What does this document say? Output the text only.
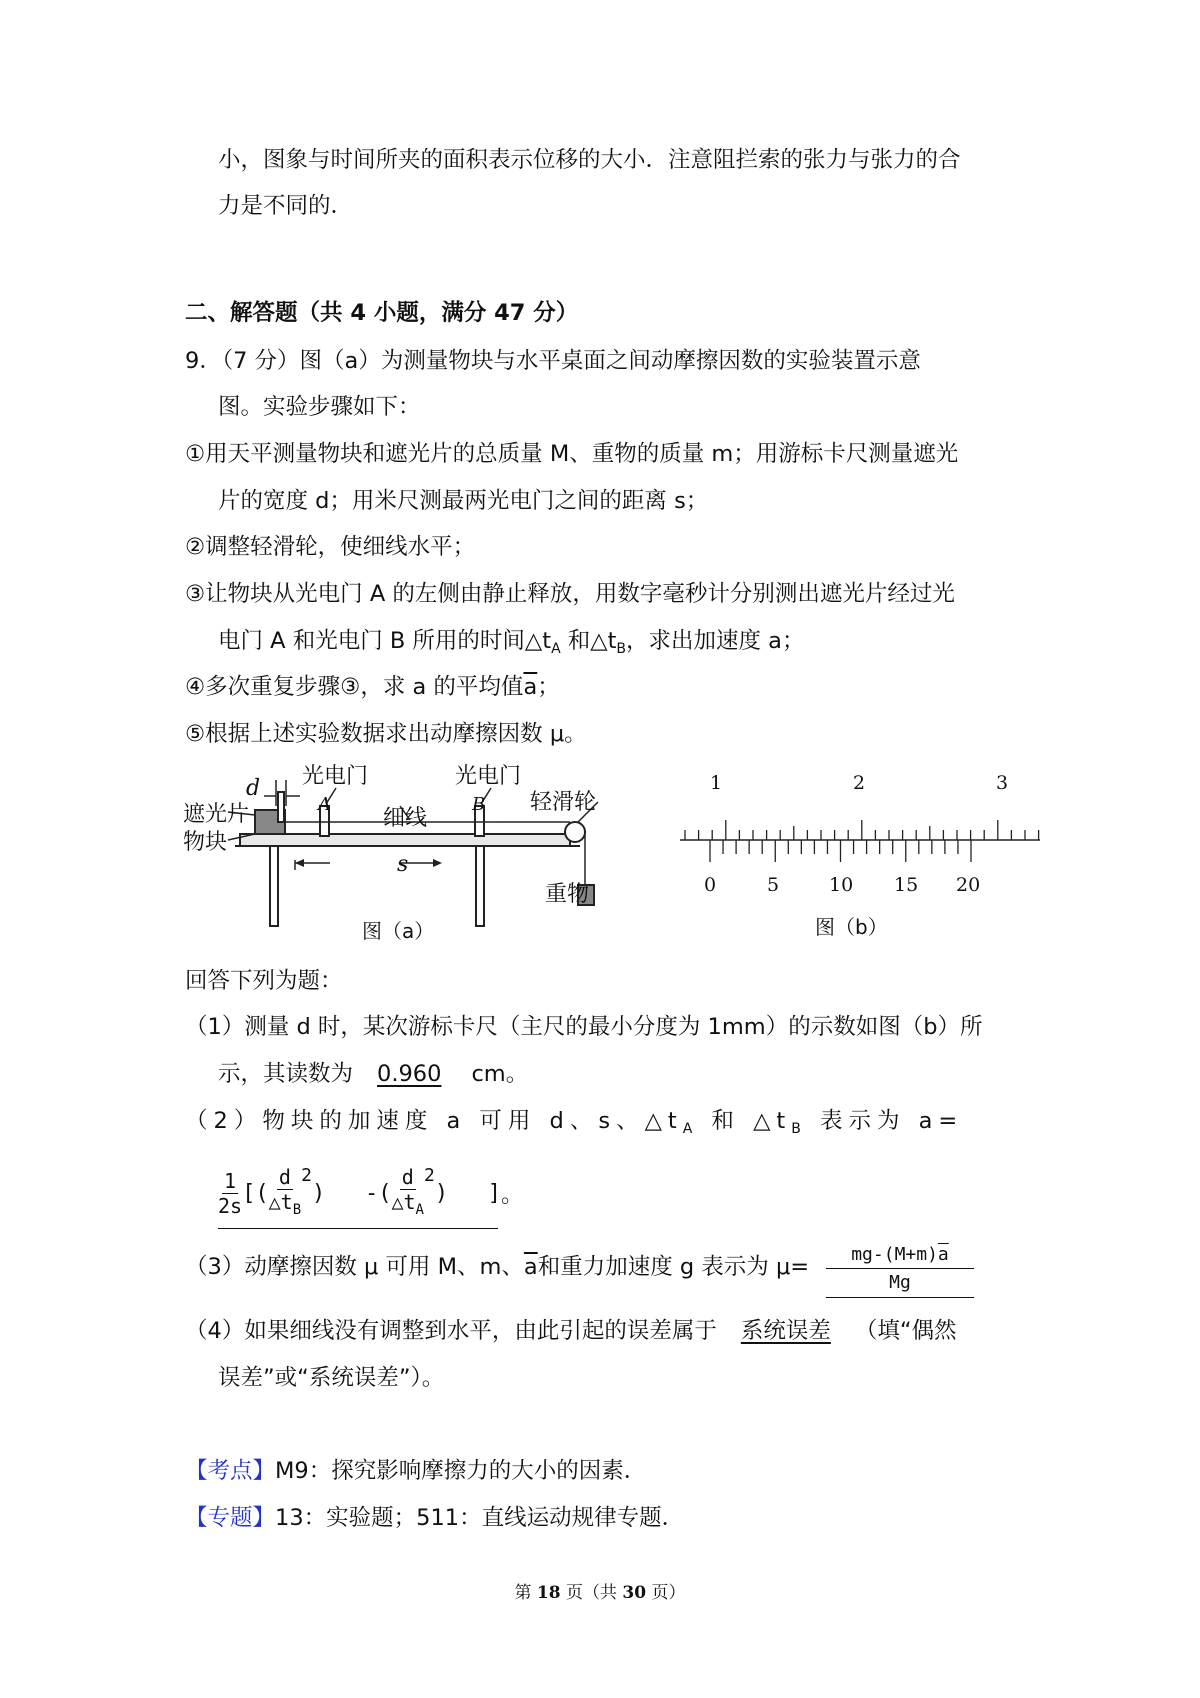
小，图象与时间所夹的面积表示位移的大小．注意阻拦索的张力与张力的合
力是不同的．
二、解答题（共 4 小题，满分 47 分）
9．（7 分）图（a）为测量物块与水平桌面之间动摩擦因数的实验装置示意
图。实验步骤如下：
①用天平测量物块和遮光片的总质量 M、重物的质量 m；用游标卡尺测量遮光
片的宽度 d；用米尺测最两光电门之间的距离 s；
②调整轻滑轮，使细线水平；
③让物块从光电门 A 的左侧由静止释放，用数字毫秒计分别测出遮光片经过光
电门 A 和光电门 B 所用的时间$\triangle t_A$ 和$\triangle t_B$，求出加速度 a；
④多次重复步骤③，求 a 的平均值$\overline{a}$；
⑤根据上述实验数据求出动摩擦因数 μ。
d 光电门	光电门
A	B
遮光片	细线
轻滑轮
物块
s
重物
图（a）
1	2	3
0	5	10 15 20
图（b）
回答下列为题：
（1）测量 d 时，某次游标卡尺（主尺的最小分度为 1mm）的示数如图（b）所
示，其读数为 0.960 cm。
（2）物块的加速度 a 可用 d、s、$\triangle t_A$ 和 $\triangle t_B$ 表示为 a=
$\frac{1}{2s}$ [( $\frac{d}{\triangle t_B} 2$
)   -( $\frac{d}{\triangle t_A} 2$
)   ] 。
（3）动摩擦因数 μ 可用 M、m、$\overline{a}$和重力加速度 g 表示为 μ=	$mg-(M+m)\overline{a}$
Mg
（4）如果细线没有调整到水平，由此引起的误差属于 系统误差 （填“偶然
误差”或“系统误差”）。
【考点】M9：探究影响摩擦力的大小的因素．
【专题】13：实验题；511：直线运动规律专题．
第 18 页（共 30 页）
